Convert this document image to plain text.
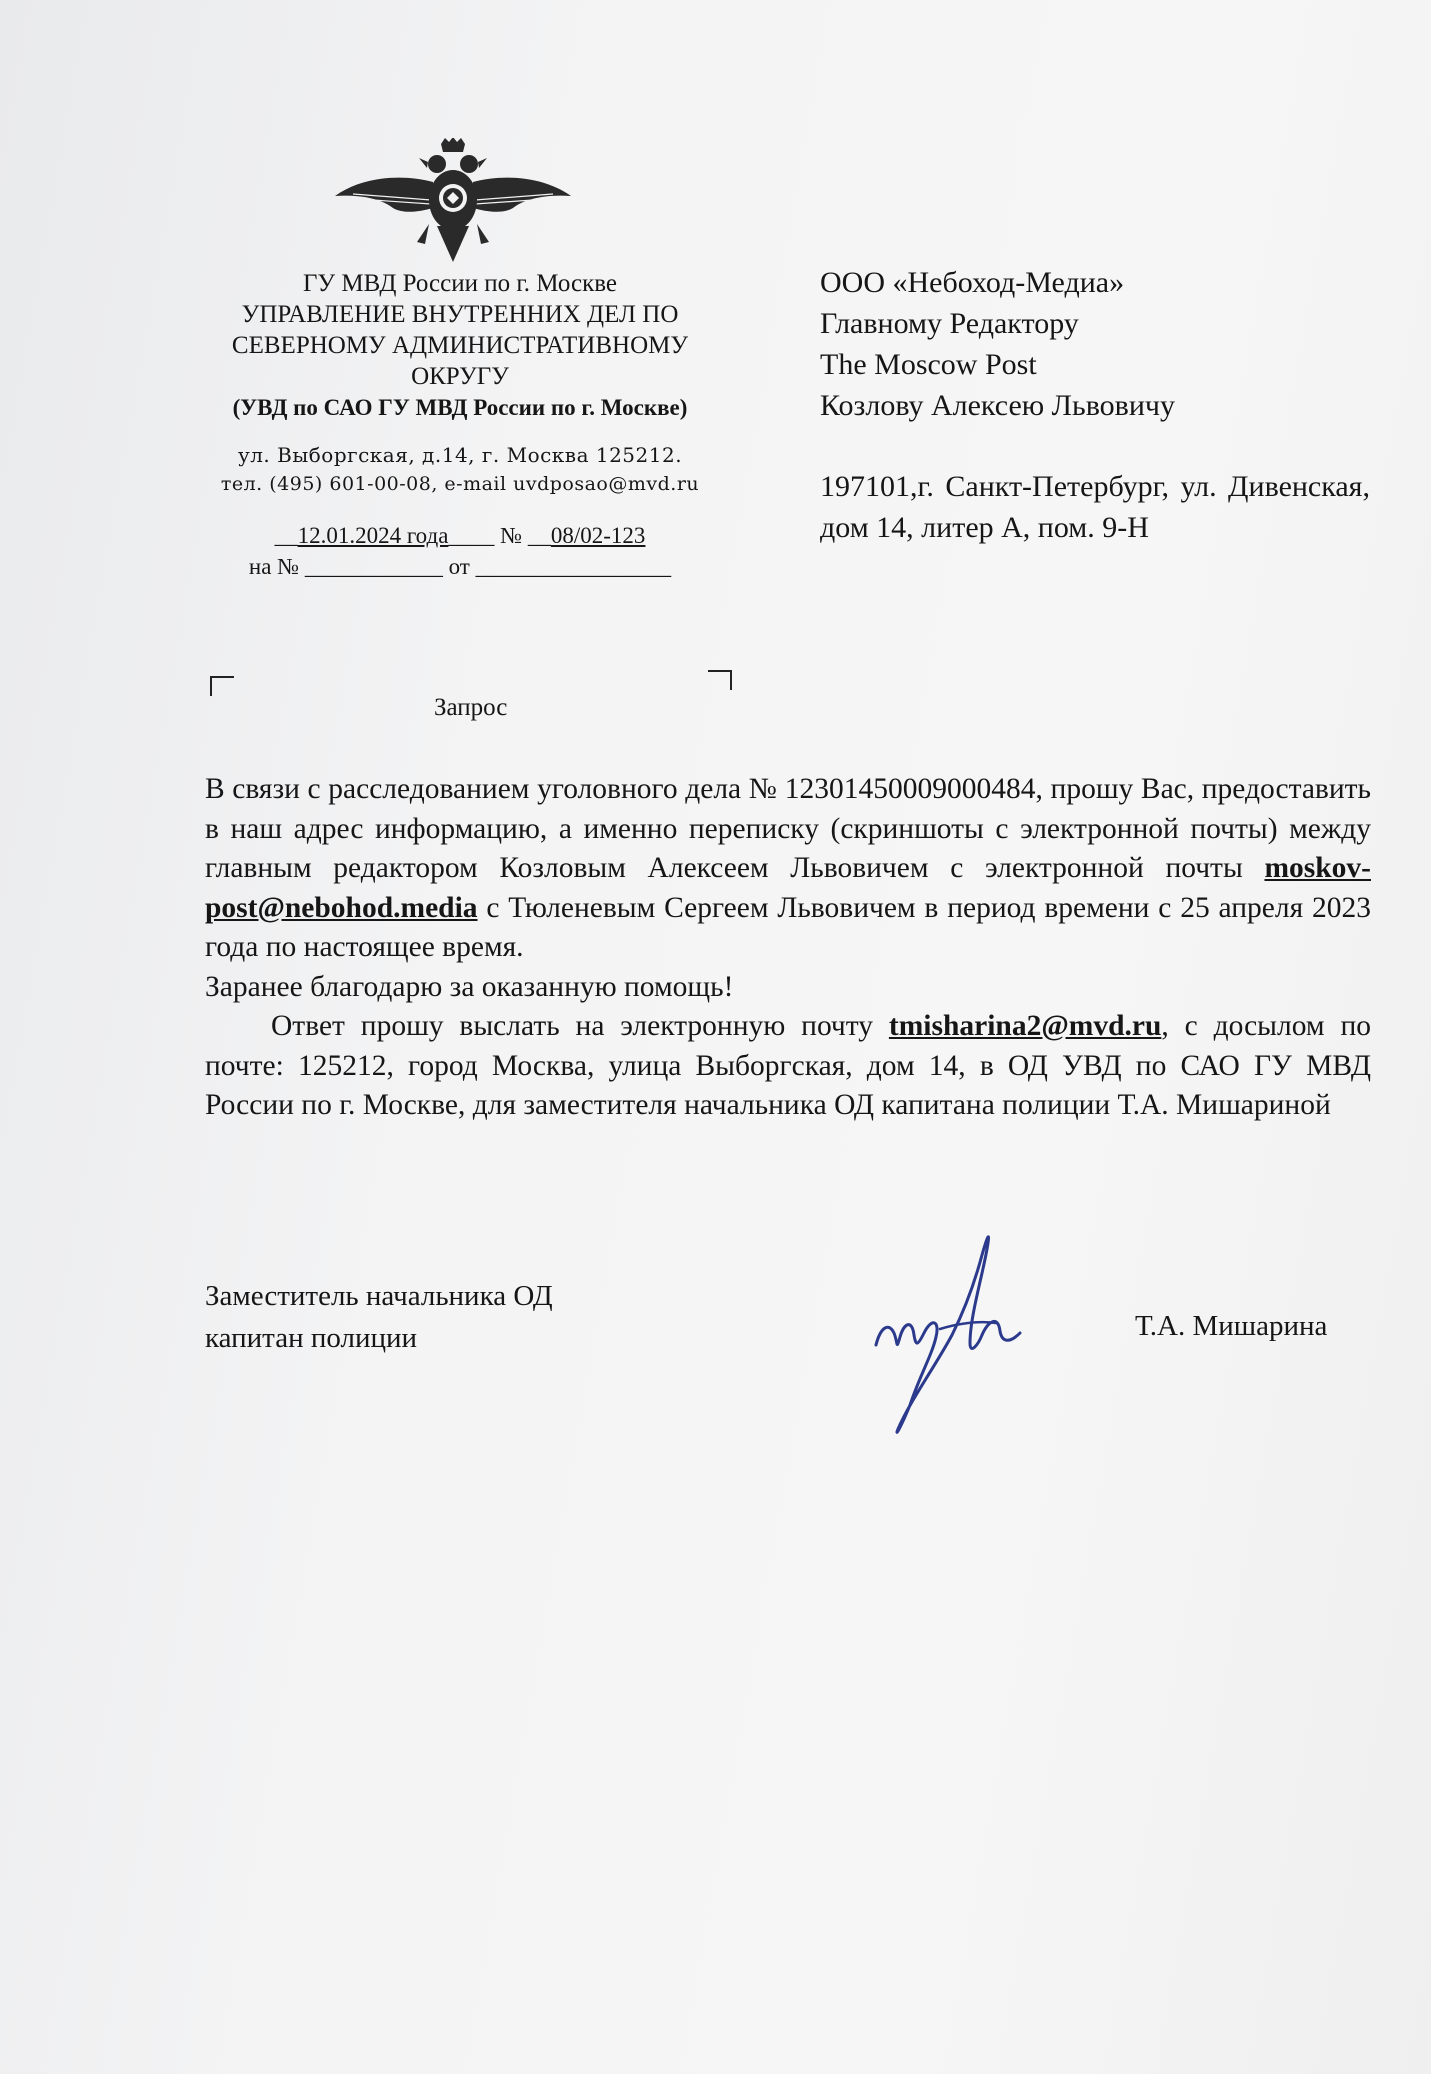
ГУ МВД России по г. Москве
УПРАВЛЕНИЕ ВНУТРЕННИХ ДЕЛ ПО
СЕВЕРНОМУ АДМИНИСТРАТИВНОМУ
ОКРУГУ
(УВД по САО ГУ МВД России по г. Москве)
ул. Выборгская, д.14, г. Москва 125212.
тел. (495) 601-00-08, e-mail uvdposao@mvd.ru
__12.01.2024 года____ № __08/02-123
на № ____________ от _________________
ООО «Небоход-Медиа»
Главному Редактору
The Moscow Post
Козлову Алексею Львовичу
197101,г. Санкт-Петербург, ул. Дивенская, дом 14, литер А, пом. 9-Н
Запрос

В связи с расследованием уголовного дела № 12301450009000484, прошу Вас, предоставить в наш адрес информацию, а именно переписку (скриншоты с электронной почты) между главным редактором Козловым Алексеем Львовичем с электронной почты moskov-post@nebohod.media с Тюленевым Сергеем Львовичем в период времени с 25 апреля 2023 года по настоящее время.

Заранее благодарю за оказанную помощь!

Ответ прошу выслать на электронную почту tmisharina2@mvd.ru, с досылом по почте: 125212, город Москва, улица Выборгская, дом 14, в ОД УВД по САО ГУ МВД России по г. Москве, для заместителя начальника ОД капитана полиции Т.А. Мишариной

Заместитель начальника ОД
капитан полиции	Т.А. Мишарина
